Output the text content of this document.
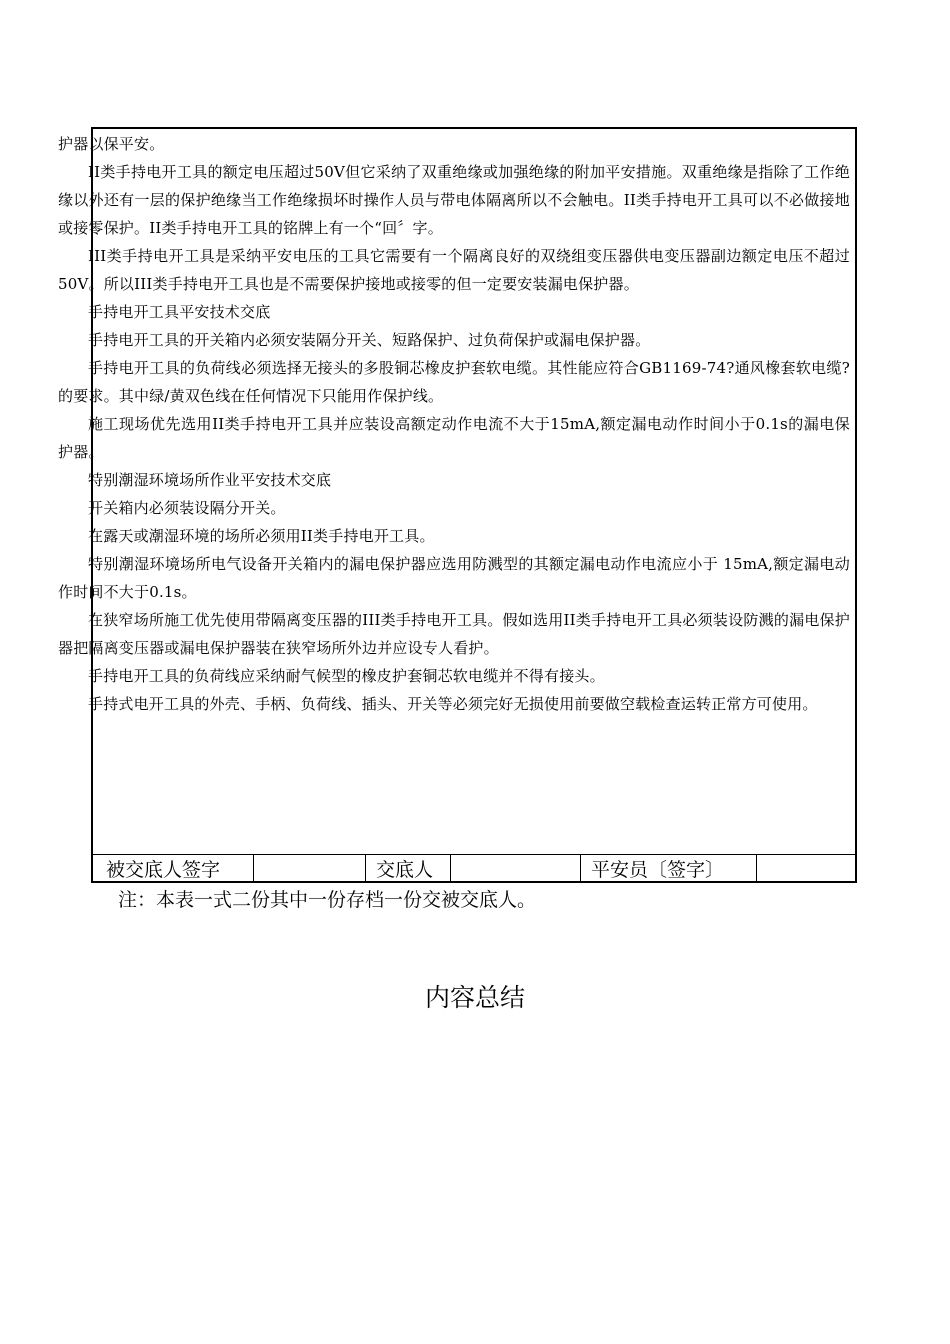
护器以保平安。

II类手持电开工具的额定电压超过50V但它采纳了双重绝缘或加强绝缘的附加平安措施。双重绝缘是指除了工作绝缘以外还有一层的保护绝缘当工作绝缘损坏时操作人员与带电体隔离所以不会触电。II类手持电开工具可以不必做接地或接零保护。II类手持电开工具的铭牌上有一个“回〞字。

III类手持电开工具是采纳平安电压的工具它需要有一个隔离良好的双绕组变压器供电变压器副边额定电压不超过50V。所以III类手持电开工具也是不需要保护接地或接零的但一定要安装漏电保护器。

手持电开工具平安技术交底

手持电开工具的开关箱内必须安装隔分开关、短路保护、过负荷保护或漏电保护器。

手持电开工具的负荷线必须选择无接头的多股铜芯橡皮护套软电缆。其性能应符合GB1169-74?通风橡套软电缆?的要求。其中绿/黄双色线在任何情况下只能用作保护线。

施工现场优先选用II类手持电开工具并应装设高额定动作电流不大于15mA,额定漏电动作时间小于0.1s的漏电保护器。

特别潮湿环境场所作业平安技术交底

开关箱内必须装设隔分开关。

在露天或潮湿环境的场所必须用II类手持电开工具。

特别潮湿环境场所电气设备开关箱内的漏电保护器应选用防溅型的其额定漏电动作电流应小于 15mA,额定漏电动作时间不大于0.1s。

在狭窄场所施工优先使用带隔离变压器的III类手持电开工具。假如选用II类手持电开工具必须装设防溅的漏电保护器把隔离变压器或漏电保护器装在狭窄场所外边并应设专人看护。

手持电开工具的负荷线应采纳耐气候型的橡皮护套铜芯软电缆并不得有接头。

手持式电开工具的外壳、手柄、负荷线、插头、开关等必须完好无损使用前要做空载检查运转正常方可使用。

被交底人签字	交底人	平安员〔签字〕
注：本表一式二份其中一份存档一份交被交底人。
内容总结
